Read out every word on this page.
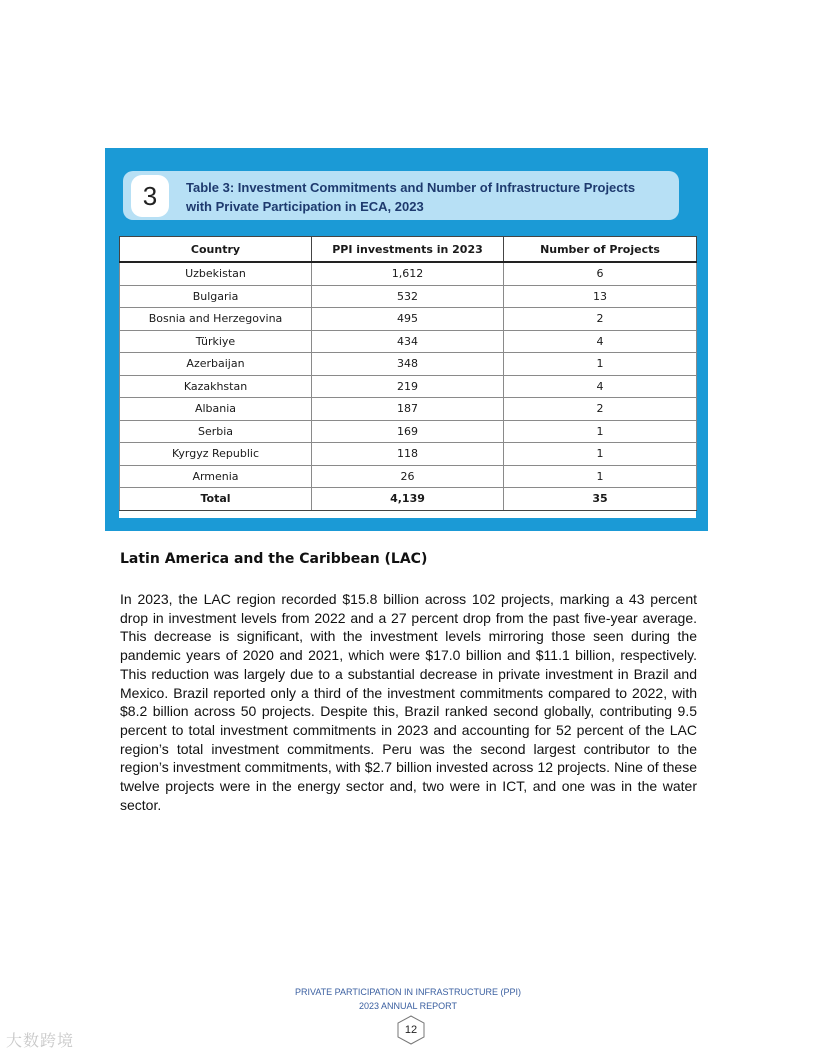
3	Table 3: Investment Commitments and Number of Infrastructure Projects
with Private Participation in ECA, 2023
Country	PPI investments in 2023	Number of Projects
Uzbekistan	1,612	6
Bulgaria	532	13
Bosnia and Herzegovina	495	2
Türkiye	434	4
Azerbaijan	348	1
Kazakhstan	219	4
Albania	187	2
Serbia	169	1
Kyrgyz Republic	118	1
Armenia	26	1
Total	4,139	35
Latin America and the Caribbean (LAC)

In 2023, the LAC region recorded $15.8 billion across 102 projects, marking a 43 percent drop in investment levels from 2022 and a 27 percent drop from the past five-year average. This decrease is significant, with the investment levels mirroring those seen during the pandemic years of 2020 and 2021, which were $17.0 billion and $11.1 billion, respectively. This reduction was largely due to a substantial decrease in private investment in Brazil and Mexico. Brazil reported only a third of the investment commitments compared to 2022, with $8.2 billion across 50 projects. Despite this, Brazil ranked second globally, contributing 9.5 percent to total investment commitments in 2023 and accounting for 52 percent of the LAC region’s total investment commitments. Peru was the second largest contributor to the region’s investment commitments, with $2.7 billion invested across 12 projects. Nine of these twelve projects were in the energy sector and, two were in ICT, and one was in the water sector.

PRIVATE PARTICIPATION IN INFRASTRUCTURE (PPI)
2023 ANNUAL REPORT
12
大数跨境
